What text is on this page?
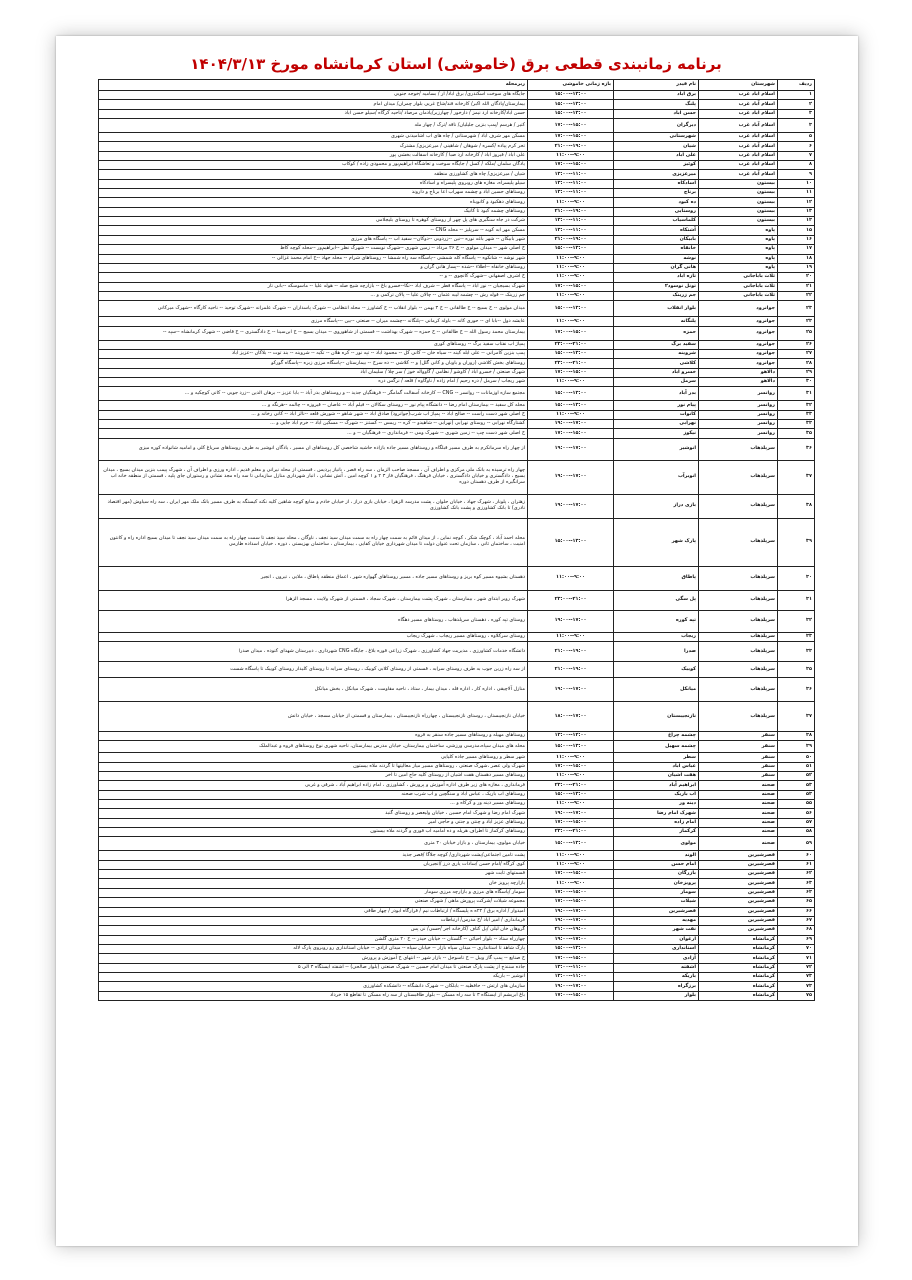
برنامه زمانبندی قطعی برق (خاموشی) استان کرمانشاه مورخ ۱۴۰۴/۳/۱۳
ردیف	شهرستان	نام فیدر	بازه زمانی خاموشی	ربرمحله
۱	اسلام آباد غرب	برق آباد	۱۳:۰۰--۱۵:۰۰	جایگاه های سوخت اسکندری/ برق آباد/ ار / بسامیه /خوجه جنوبی
۲	اسلام آباد غرب	پلنگ	۱۳:۰۰--۱۵:۰۰	بیمارستان/پادگان الله اکبر/ کارخانه قند/شاخ غربی بلوار چمران/ میدان امام
۳	اسلام آباد غرب	حسن آباد	۱۳:۰۰--۱۵:۰۰	حسن آباد/کارخانه آرد نیمز / دارخور / چهارزبر/یادمان مرصاد /ناحیه کرگاه /سیلو حسن آباد
۴	اسلام آباد غرب	دیرگران	۱۵:۰۰--۱۷:۰۰	کنیر / هرسم /پمپ بنزین جلیلیان/ ناقه /ترک / چهار مله
۵	اسلام آباد غرب	شهرستانی	۱۵:۰۰--۱۷:۰۰	مسکن مهر شرف آباد / شهرستانی / چاه های آب آشامیدنی شهری
۶	اسلام آباد غرب	شیان	۱۹:۰۰--۲۱:۰۰	تحر کرم پیاده /کسره / شوهان / شاهینی / میرعزیزی/ مشترک
۷	اسلام آباد غرب	علی آباد	۹:۰۰--۱۱:۰۰	علی آباد / فیروز آباد / کارخانه آرد صبا / کارخانه آسفالت بخشی پور
۸	اسلام آباد غرب	کوئیز	۱۵:۰۰--۱۷:۰۰	یادگان سلمان /ملکه / کسل / جایگاه سوخت و تعاشگاه ابراهیم‌پور و محمودی زاده / کوکاب
۹	اسلام آباد غرب	میرعزیزی	۱۱:۰۰--۱۳:۰۰	شیان / میرعزیزی/ چاه های کشاورزی منطقه
۱۰	بیستون	آسادکاه	۱۱:۰۰--۱۳:۰۰	سیلو پلیسراه، مغازه های روبروی پلیسراه و آسادکاه
۱۱	بیستون	برناج	۱۱:۰۰--۱۳:۰۰	روستاهای حسین اباد و چشمه سهراب اعا برناج و داروند
۱۲	بیستون	ده کبود	۹:۰۰--۱۱:۰۰	روستاهای دهکبود و کانویناه
۱۳	بیستون	روستایی	۱۹:۰۰--۲۱:۰۰	روستاهای چشمه کبود تا کانیک
۱۴	بیستون	کلماسیاب	۱۱:۰۰--۱۳:۰۰	شرکت در جاه سنگبری های پل چهر از روستای کوهره تا روستای بلیجلامی
۱۵	پاوه	آشتکاه	۱۱:۰۰--۱۳:۰۰	مسکن مهر ابه کوبه -- سرپلیز -- محله CNG --
۱۶	پاوه	بابیکان	۱۹:۰۰--۲۱:۰۰	شهر بابیکان -- شهر باغه نوره --نین --زردوبی --دوکان-- سفید آب -- پاسگاه های مرزی
۱۷	پاوه	خانقاه	۱۳:۰۰--۱۵:۰۰	خ اصلی شهر -- میدان مولوی -- خ ۲۶ مرداد -- زمین شهری --شهرک نوبست -- شهرک نظر --ابراهیم‌ور --محله کوچه کاظ
۱۸	پاوه	نوشه	۹:۰۰--۱۱:۰۰	شهر نوشه -- شانکوه -- پاسگاه کله شمشی --پاسگاه سه راه شمشا -- روستاهای شرام -- محله جهاد --خ امام محمد غزالی --
۱۹	پاوه	هانی گران	۹:۰۰--۱۱:۰۰	روستاهای خانقاه --اطلاء --شده --پساز هانی گران و
۲۰	ثلاث باباجانی	تازه اباد	۹:۰۰--۱۱:۰۰	خ اشرف اصفهانی --شهرک کانچوی -- و --
۲۱	ثلاث باباجانی	تونل نوسود۲	۱۵:۰۰--۱۷:۰۰	شهرک بسیجیان -- نور آباد -- پاسگاه قطر -- شرف آباد --نکا--خسرو باغ -- بازارچه شیخ صله -- هوله علیا -- ماسوسکه --بانی تار
۲۲	ثلاث باباجانی	جم زرینک	۹:۰۰--۱۱:۰۰	جم زرینک -- قوله رش -- چشمه لیبه عثمان -- چالان علیا -- پالان ترکمی و ...
۲۳	جوانرود	بلوار انقلاب	۱۳:۰۰--۱۵:۰۰	میدان مولوی -- خ بسیج -- خ طالقانی -- خ ۳ بهمن -- بلوار انقلاب -- خ کشاورز -- محله انتظامی -- شهرک پاسداران -- شهرک علمرانه --شهرک توحید -- ناحیه کارگاه --شهرک میرکانی
۲۴	جوانرود	پلنگانه	۹:۰۰--۱۱:۰۰	عایشه دول --بابا ای -- حوری کانه -- باوله کرمانی --پلنگانه --چشمه میران -- صنعتی --بین ---پاسگاه مرزی
۲۵	جوانرود	حمزه	۱۵:۰۰--۱۷:۰۰	بیمارستان محمد رسول الله -- خ طالقانی -- خ حمزه -- شهرک بهداشت -- قسمتی از شاهوروی -- میدان بسیج -- خ ابن‌سینا -- خ دادگستری -- خ قاضی -- شهرک کرمانشاه --سپه --
۲۶	جوانرود	سفید برگ	۲۱:۰۰--۲۳:۰۰	پمپاژ آب نفتاب سفید برگ -- روستاهای کوری
۲۷	جوانرود	شروینه	۱۳:۰۰--۱۵:۰۰	پمپ بنزین کامرانی -- علی ابله کینه -- سیاه خان -- کانی کل -- محمود اباد -- تپه نور -- کره هلان -- تکیه -- شروینه -- بند توت -- بلاکان --عزیز آباد
۲۸	جوانرود	کلاشی	۲۱:۰۰--۲۳:۰۰	روستاهای بخش کلاشی (روران و باوبان و کانی گلل) و -- کلاشی -- ده سرخ -- بیمارستان --پاسگاه مرزی زبره --پاسگاه گورکو
۲۹	دالاهو	خسرو آباد	۱۵:۰۰--۱۷:۰۰	شهرک صنعتی / خسرو آباد / کاوشو / نظامی / گاوواله خوز / سر چلا / سلیمان آباد
۳۰	دالاهو	سرمل	۹:۰۰--۱۱:۰۰	شهر ریجاب / سرمل / دره رحیم / امام زاده / ناوگاوه / قلعه / نرگس دره
۳۱	روانسر	بدر آباد	۱۳:۰۰--۱۵:۰۰	مجتمع سازه اوزمانات -- روانسر -- CNG -- کارخانه آسفالت گمامگر -- فرهنگیان جدید -- و روستاهای بدر آباد -- بابا عزیز -- برهان الدین --زرد جوبی -- کانی کوچکیه و ...
۳۲	روانسر	پیام نور	۱۳:۰۰--۱۵:۰۰	محله کل سفید -- بیمارستان امام رضا -- دانشگاه پیام نور -- روستای سکالان -- فیلم آباد -- عاصان -- قیروزه -- چالمه --هرنگه و ...
۳۳	روانسر	کانوات	۹:۰۰--۱۱:۰۰	خ اصلی شهر دست راست -- صالح آباد -- پمپاژ آب شرب(جوانرود) صادق آباد -- شهر شاهو -- شورش قلعه --نالز آباد -- کانی رخانه و ...
۳۴	روانسر	نهرابی	۱۷:۰۰--۱۹:۰۰	کشتارگاه نهرابی -- روستای نهرابی (نهرابی -- شاهیدو -- کره -- ریمس -- کستنز -- شهرک -- مسکین آباد -- خرم آباد جایی و ...
۳۵	روانسر	نیکوز	۱۵:۰۰--۱۷:۰۰	خ اصلی شهر دست چپ -- زمین شهری -- شهرک ومی -- فرمانداری -- فرهنگیان -- و ...
۳۶	سرپلذهاب	انوشیر	۱۷:۰۰--۱۹:۰۰	از چهار راه سرمانکرم به طرف مسیر قبلگاه و روستاهای مسیر جاده بازاده حاشیه شاخصی کل روستاهای ان مسیر ، یادگان انوشیر به طرف روستاهای سرباغ کلی و امامیه شانواده کوره میزی
۳۷	سرپلذهاب	انوبرآب	۱۷:۰۰--۱۹:۰۰	چهار راه ترسیده به بانک ملی مرکزی و اطراف آن ، مسجد صاحب الزمان ، سه راه قصر ، بانیاز پردیس ، قسمتی از محله نیرانی و معلم قدیم ، اداره ورزی و اطراف آن ، شهرک پیمب بنزین میدان بسیج ، میدان بسیج ، دادگستری و خیابان دادگستری ، خیابان فرهنگ ، فرهنگیان فاز ۳ ۲ و ۱ کوچه امین ، آتش نشانی ، انبار شهرداری منازل سازمانی تا سه راه مجد نشانی و رستوران جای پلیه ، قسمتی از منطقه خانه اب سرانگیره از طرف دهستان دوره
۳۸	سرپلذهاب	بازی دراز	۱۷:۰۰--۱۹:۰۰	زهتران ، پلونار ، شهرک جهاد ، خیابان حلوان ، پشت مدرسه الزهرا ، خیابان بازی دراز ، از خیابان خادم و منابع کوچه شاهین کلیه نکته کیستگه به طرف مسیر بانک ملک مهر ایران ، سه راه سیاوش (مهر اقتصاد نادری) تا بانک کشاورزی و پشت بانک کشاورزی
۳۹	سرپلذهاب	پارک شهر	۱۳:۰۰--۱۵:۰۰	محله احمد آباد ، کوچک شکر ، کوچه نماین ، از میدان قائم به سمت چهار راه به سمت میدان سید نجف ، ناوگان ، محله سید نجف تا سمت چهار راه به سمت میدان سید نجف تا میدان بسیج اداره راه و کانتون امنیت ، ساختمان ثانی ، سازمان تحت عنوان دولت تا میدان شهرداری خیابان کفایی ، بیمارستان ، ساختمان بهزیستی ، دوره ، خیابان اسداده طارمی
۴۰	سرپلذهاب	پاطاق	۹:۰۰--۱۱:۰۰	دهستان بشیوه مسیر کوه بریز و روستاهای مسیر جاده ، مسیر روستاهای گهواره شهر ، اعماق منطقه پاطاق ، ملایی ، تیرون ، انجیر
۴۱	سرپلذهاب	پل سگی	۲۱:۰۰--۲۳:۰۰	شهرک روبر ابتدای شهر ، بیمارستان ، شهرک پشت بیمارستان ، شهرک سجاد ، قسمتی از شهرک ولایت ، مسجد الزهرا
۴۲	سرپلذهاب	تپه کوره	۱۷:۰۰--۱۹:۰۰	روستای تپه کوره ، دهستان سرپلذهاب ، روستاهای مسیر دهگاه
۴۳	سرپلذهاب	ریجاب	۹:۰۰--۱۱:۰۰	روستای سرکلاوه ، روستاهای مسیر ریجاب ، شهرک ریجاب
۴۴	سرپلذهاب	صدرا	۱۹:۰۰--۲۱:۰۰	دانشگاه خدمات کشاورزی ، مدیریت جهاد کشاورزی ، شهرک زراعی قوره بلاغ ، جایگاه CNG شهرداری ، دبیرستان شهدای کنوده ، میدان صدرا
۴۵	سرپلذهاب	کوییک	۱۹:۰۰--۲۱:۰۰	از سه راه زرین جوب به طرف روستای سرابه ، قسمتی از روستای کلابی کوییک ، روستای سرابه تا روستای کلیدار روستای کوییک تا پاسگاه شست
۴۶	سرپلذهاب	میانکل	۱۷:۰۰--۱۹:۰۰	منازل آلاچیقی ، اداره کار ، اداره قله ، میدان بیمار ، ستاد ، ناحیه مقاومت ، شهرک میانکل ، بخش میانکل
۴۷	سرپلذهاب	نازنجیبستان	۱۷:۰۰--۱۸:۰۰	خیابان نازنجیبستان ، روستای نازنجیبستان ، چهارراه نازنجیبستان ، بیمارستان و قسمتی از خیابان مسجد ، خیابان دانش
۴۸	سنقر	چشمه چراغ	۱۲:۰۰--۱۳:۰۰	روستاهای مهیله و روستاهای مسیر جاده سنقر به قروه
۴۹	سنقر	چشمه سهیل	۱۳:۰۰--۱۵:۰۰	محله های میدان سپاه،مدرسی ورزشی، ساختمان بیمارستان، خیابان مدرس بیمارستان، ناحیه شهری نوع روستاهای قروه و عبدالملک
۵۰	سنقر	سطر	۹:۰۰--۱۱:۰۰	شهر سطر و روستاهای مسیر جاده کلیایی
۵۱	سنقر	عباس آباد	۱۵:۰۰--۱۷:۰۰	شهرک ولی عصر ،شهرک صنعتی ، روستاهای مسیر میاز معالیتها تا گردنه ملّاه بیستون
۵۲	سنقر	هفت آشیان	۹:۰۰--۱۱:۰۰	روستاهای مسیر دهستان هفت اشیان از روستای کلیه حاج امین تا اخر
۵۳	صحنه	ابراهیم آباد	۲۱:۰۰--۲۳:۰۰	فرمانداری ، مغازه های زیر طرف اداره آموزش و پرورش ، کشاورزی ، امام زاده ابراهیم آباد ، شرقی و غربی
۵۴	صحنه	آب باریک	۱۳:۰۰--۱۵:۰۰	روستاهای آب باریک ، عباس آباد و سنگچین و آب شرب صحنه
۵۵	صحنه	دینه ور	۹:۰۰--۱۱:۰۰	روستاهای مسیر دینه ور و کرکاه و ...
۵۶	صحنه	شهرک امام رضا	۱۷:۰۰--۱۹:۰۰	شهرک امام رضا و شهرک امام حسین ، خیابان ولیعصر و روستای گنبد
۵۷	صحنه	امام زاده	۱۵:۰۰--۱۷:۰۰	روستاهای عزیز اباد و چنتی و جنتی و حاجی امیر
۵۸	صحنه	کرکماز	۲۱:۰۰--۲۳:۰۰	روستاهای کرکماز تا اطراف هریله و ده امامیه آب قوری و گردنه ملّاه بیستون
۵۹	صحنه	مولوی	۱۳:۰۰--۱۵:۰۰	خیابان مولوی، بیمارستان ، و بازار خیابان ۳۰ متری
۶۰	قصرشیرین	الوند	۹:۰۰--۱۱:۰۰	پشت تامین اجتماعی/پشت شهرداری/ کوچه جلاگا /قصر جدید
۶۱	قصرشیرین	امام حسن	۹:۰۰--۱۱:۰۰	کوی کرگاه /امام حسن /سادات یاری درز /انجیربان
۶۲	قصرشیرین	بازرگان	۱۵:۰۰--۱۷:۰۰	قسمتهای ثابت شهر
۶۳	قصرشیرین	پرویزخان	۹:۰۰--۱۱:۰۰	بازارچه پرویز خان
۶۴	قصرشیرین	سومار	۱۵:۰۰--۱۷:۰۰	سومار /پاسگاه های مرزی و بازارچه مرزی سومار
۶۵	قصرشیرین	شیلات	۱۵:۰۰--۱۷:۰۰	مجموعه شیلات /شرکت پرورش ماهی / شهرک صنعتی
۶۶	قصرشیرین	قصرشیرین	۱۷:۰۰--۱۹:۰۰	امیدوار / اداره برق / ۲۲ه ‌ه پلیسگاه / ارتباطات نیم / قرارگاه ابوذر / چهار طاقی
۶۷	قصرشیرین	مهدیه	۱۷:۰۰--۱۹:۰۰	فرمانداری / امیر آباد /خ مدرس/ ارتباطات
۶۸	قصرشیرین	نفت شهر	۱۹:۰۰--۲۱:۰۰	گروهان خان لیلی /پل کتاف /کارخانه آجر /حسی/ نی پس
۶۹	کرمانشاه	ارغوان	۱۷:۰۰--۱۹:۰۰	چهارراه ستاد -- بلوار احیائی -- گلستان -- خیابان حیدر -- خ ۲۰ متری گلشن
۷۰	کرمانشاه	استانداری	۱۳:۰۰--۱۵:۰۰	پارک شاهد تا استانداری -- میدان سپاه بازار -- خیابان سپاه -- میدان آزادی -- خیابان استانداری رو روبروی پارک لاله
۷۱	کرمانشاه	آزادی	۱۵:۰۰--۱۷:۰۰	خ صنایع -- پمپ گاز وبیل -- خ تاسوجل -- بازار شهر -- انتهای خ آموزش و پرورش
۷۲	کرمانشاه	آشفته	۱۱:۰۰--۱۳:۰۰	جاده سنندج از پشت پارک صنعتی تا میدان امام حسین -- شهرک صنعتی (بلوار صالحی) -- آشفته ایستگاه ۳ الی ۵
۷۳	کرمانشاه	باریکه	۱۱:۰۰--۱۳:۰۰	انوشیر -- باریکه
۷۴	کرمانشاه	برزگراه	۱۷:۰۰--۱۹:۰۰	سازمان های ارتش -- حافظیه -- بابلکان -- شهرک دانشگاه -- دانشکده کشاورزی
۷۵	کرمانشاه	بلوار	۱۵:۰۰--۱۷:۰۰	باغ ابریشم از ایستگاه ۳ تا سه راه مسکن -- بلوار طاقبستان از سه راه مسکن تا تقاطع ۱۵ خرداد
